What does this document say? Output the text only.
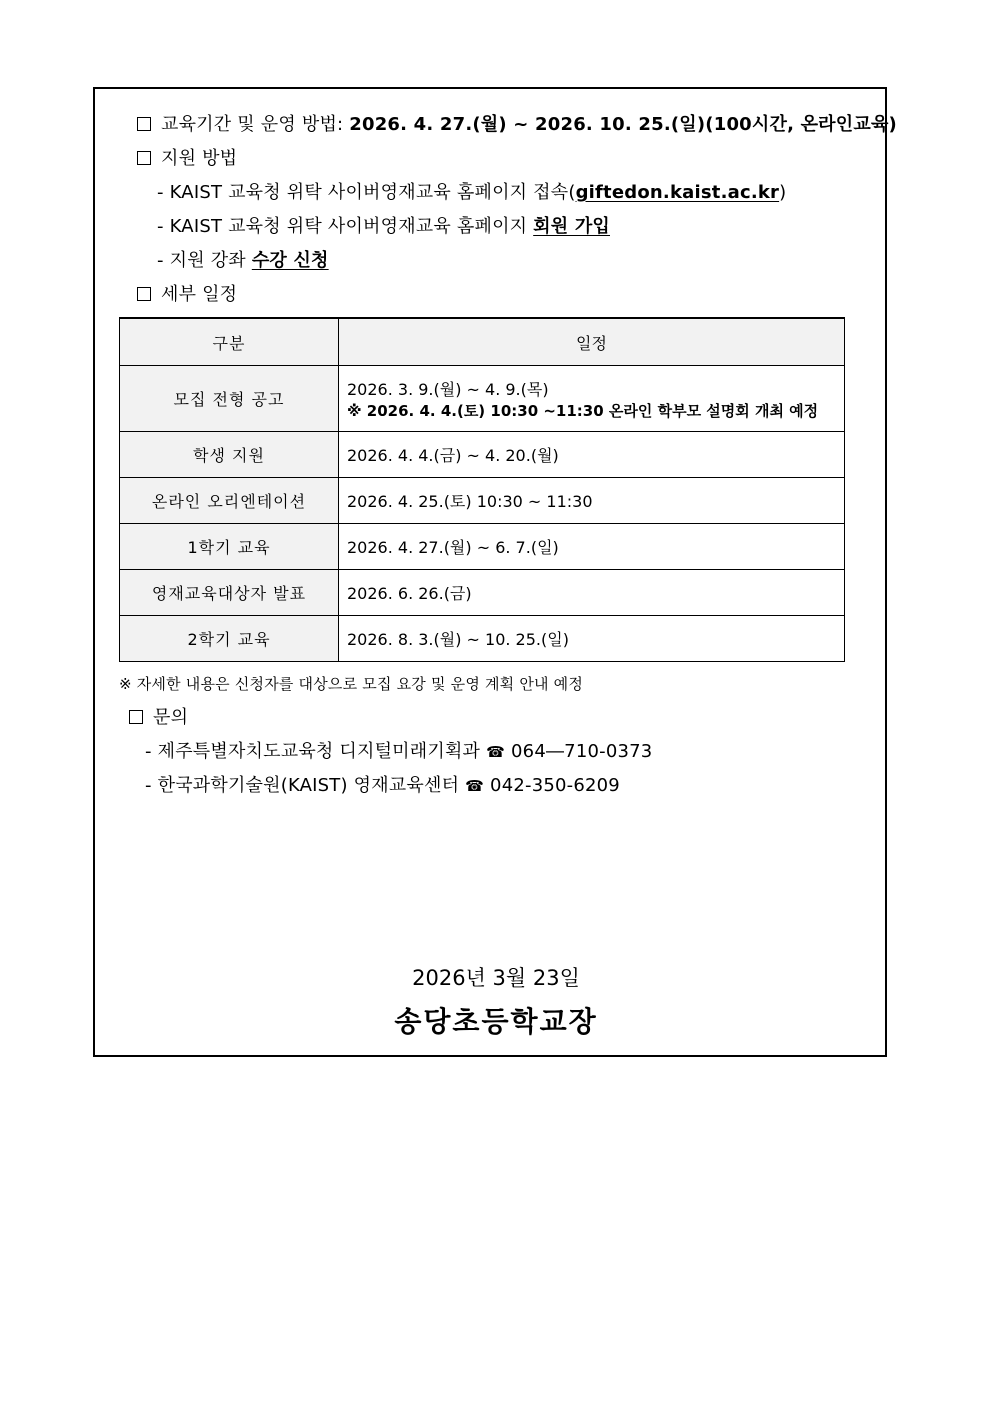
교육기간 및 운영 방법: 2026. 4. 27.(월) ~ 2026. 10. 25.(일)(100시간, 온라인교육)
지원 방법
- KAIST 교육청 위탁 사이버영재교육 홈페이지 접속(giftedon.kaist.ac.kr)
- KAIST 교육청 위탁 사이버영재교육 홈페이지 회원 가입
- 지원 강좌 수강 신청
세부 일정
구분	일정
모집 전형 공고	2026. 3. 9.(월) ~ 4. 9.(목)
※ 2026. 4. 4.(토) 10:30 ~11:30 온라인 학부모 설명회 개최 예정

학생 지원	2026. 4. 4.(금) ~ 4. 20.(월)
온라인 오리엔테이션	2026. 4. 25.(토) 10:30 ~ 11:30
1학기 교육	2026. 4. 27.(월) ~ 6. 7.(일)
영재교육대상자 발표	2026. 6. 26.(금)
2학기 교육	2026. 8. 3.(월) ~ 10. 25.(일)
※ 자세한 내용은 신청자를 대상으로 모집 요강 및 운영 계획 안내 예정
문의
- 제주특별자치도교육청 디지털미래기획과 ☎ 064―710-0373
- 한국과학기술원(KAIST) 영재교육센터 ☎ 042-350-6209
2026년 3월 23일
송당초등학교장
